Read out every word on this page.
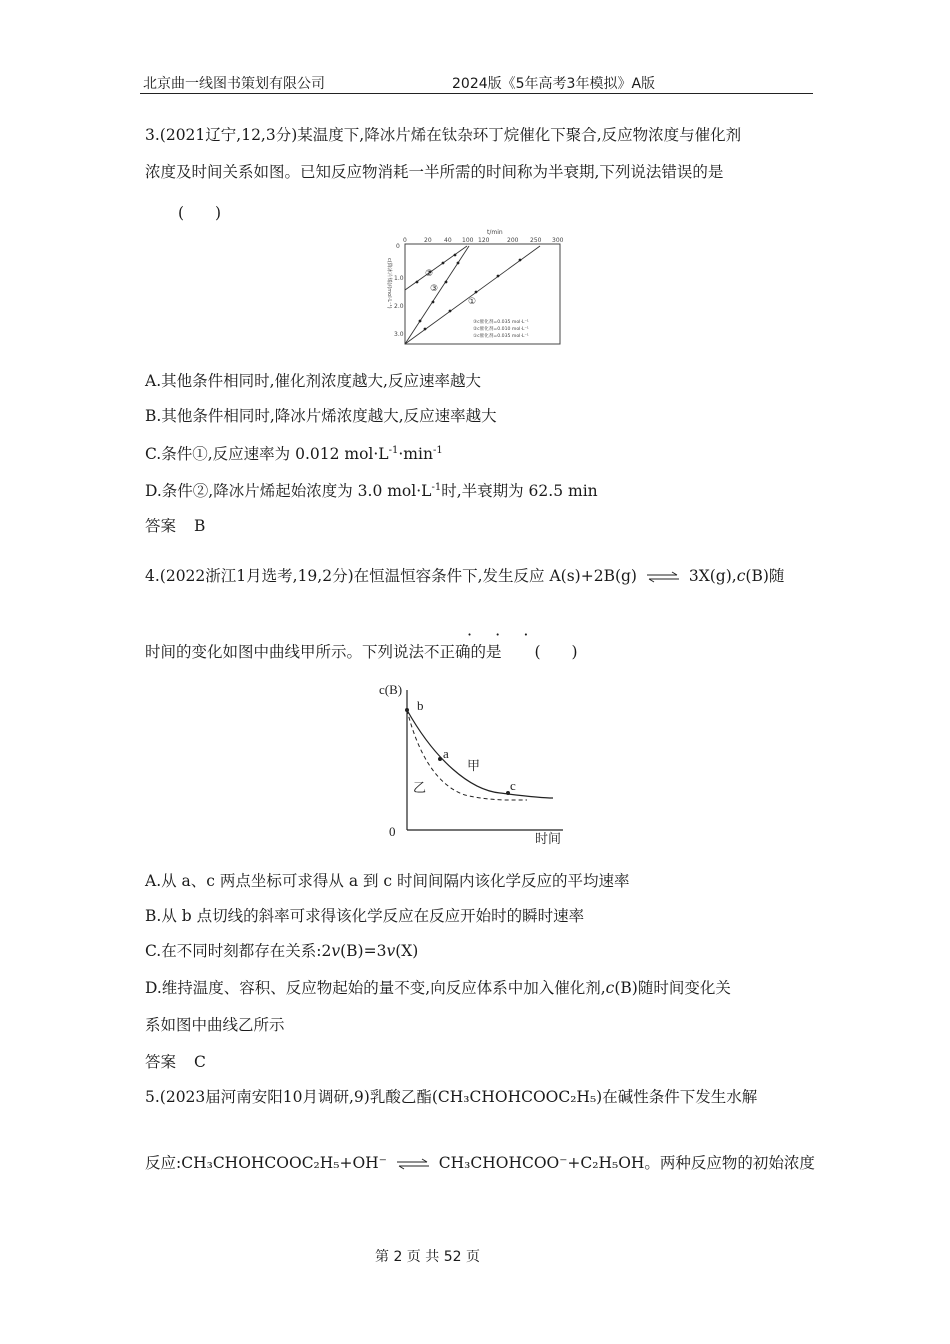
北京曲一线图书策划有限公司	2024版《5年高考3年模拟》A版
3.(2021辽宁,12,3分)某温度下,降冰片烯在钛杂环丁烷催化下聚合,反应物浓度与催化剂
浓度及时间关系如图。已知反应物消耗一半所需的时间称为半衰期,下列说法错误的是
(　　)
t/min
0	20 40 100 120	200 250 300
0
1.0
2.0
3.0
c(降冰片烯)/(mol·L⁻¹)	②
③
①
③c催化剂=0.035 mol·L⁻¹
②c催化剂=0.010 mol·L⁻¹
①c催化剂=0.035 mol·L⁻¹
A.其他条件相同时,催化剂浓度越大,反应速率越大
B.其他条件相同时,降冰片烯浓度越大,反应速率越大
C.条件①,反应速率为 0.012 $mol\cdot L^{-1}\cdot\min^{-1}$
D.条件②,降冰片烯起始浓度为 3.0 $mol\cdot L^{-1}$时,半衰期为 62.5 min
答案 B
4.(2022浙江1月选考,19,2分)在恒温恒容条件下,发生反应 A(s)+2B(g) ⇌ 3X(g),c(B)随
· · ·
时间的变化如图中曲线甲所示。下列说法不正确的是 (　　)
c(B)
0
时间
b
a
c
甲
乙
A.从 a、c 两点坐标可求得从 a 到 c 时间间隔内该化学反应的平均速率
B.从 b 点切线的斜率可求得该化学反应在反应开始时的瞬时速率
C.在不同时刻都存在关系:2v(B)=3v(X)
D.维持温度、容积、反应物起始的量不变,向反应体系中加入催化剂,c(B)随时间变化关
系如图中曲线乙所示
答案 C
5.(2023届河南安阳10月调研,9)乳酸乙酯(CH₃CHOHCOOC₂H₅)在碱性条件下发生水解
反应:CH₃CHOHCOOC₂H₅+OH⁻ ⇌ CH₃CHOHCOO⁻+C₂H₅OH。两种反应物的初始浓度
第 2 页 共 52 页
